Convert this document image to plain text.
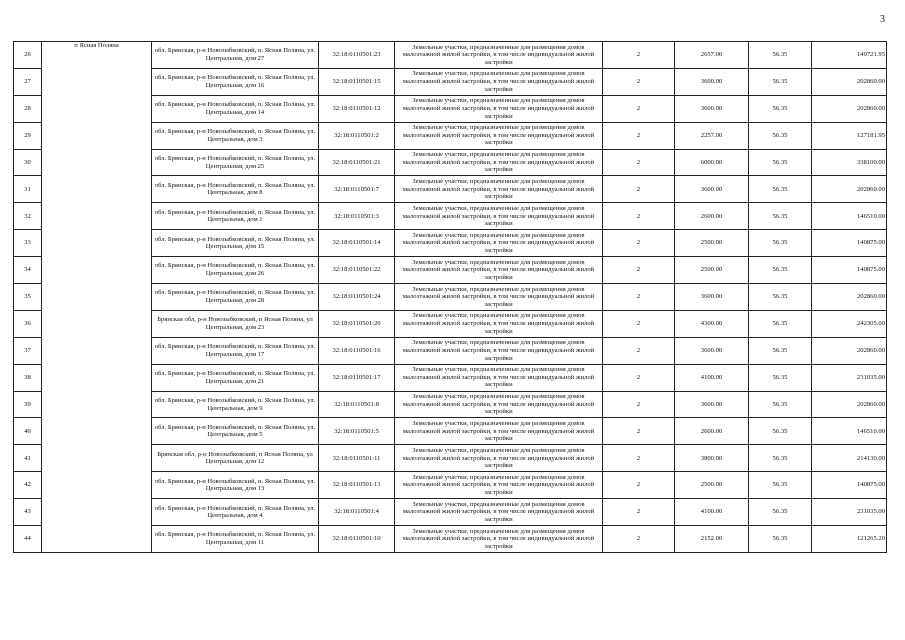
3
26	п Ясная Поляна	обл. Брянская, р-н Новозыбковский, п. Ясная Поляна, ул. Центральная, дом 27	32:18:0110501:23	Земельные участки, предназначенные для размещения домов малоэтажной жилой застройки, в том числе индивидуальной жилой застройки	2	2657.00	56.35	149721.95
27		обл. Брянская, р-н Новозыбковский, п. Ясная Поляна, ул. Центральная, дом 16	32:18:0110501:15	Земельные участки, предназначенные для размещения домов малоэтажной жилой застройки, в том числе индивидуальной жилой застройки	2	3600.00	56.35	202860.00
28		обл. Брянская, р-н Новозыбковский, п. Ясная Поляна, ул. Центральная, дом 14	32:18:0110501:12	Земельные участки, предназначенные для размещения домов малоэтажной жилой застройки, в том числе индивидуальной жилой застройки	2	3600.00	56.35	202860.00
29		обл. Брянская, р-н Новозыбковский, п. Ясная Поляна, ул. Центральная, дом 3	32:18:0110501:2	Земельные участки, предназначенные для размещения домов малоэтажной жилой застройки, в том числе индивидуальной жилой застройки	2	2257.00	56.35	127181.95
30		обл. Брянская, р-н Новозыбковский, п. Ясная Поляна, ул. Центральная, дом 25	32:18:0110501:21	Земельные участки, предназначенные для размещения домов малоэтажной жилой застройки, в том числе индивидуальной жилой застройки	2	6000.00	56.35	338100.00
31		обл. Брянская, р-н Новозыбковский, п. Ясная Поляна, ул. Центральная, дом 8	32:18:0110501:7	Земельные участки, предназначенные для размещения домов малоэтажной жилой застройки, в том числе индивидуальной жилой застройки	2	3600.00	56.35	202860.00
32		обл. Брянская, р-н Новозыбковский, п. Ясная Поляна, ул. Центральная, дом 1	32:18:0110501:3	Земельные участки, предназначенные для размещения домов малоэтажной жилой застройки, в том числе индивидуальной жилой застройки	2	2600.00	56.35	146510.00
33		обл. Брянская, р-н Новозыбковский, п. Ясная Поляна, ул. Центральная, дом 15	32:18:0110501:14	Земельные участки, предназначенные для размещения домов малоэтажной жилой застройки, в том числе индивидуальной жилой застройки	2	2500.00	56.35	140875.00
34		обл. Брянская, р-н Новозыбковский, п. Ясная Поляна, ул. Центральная, дом 26	32:18:0110501:22	Земельные участки, предназначенные для размещения домов малоэтажной жилой застройки, в том числе индивидуальной жилой застройки	2	2500.00	56.35	140875.00
35		обл. Брянская, р-н Новозыбковский, п. Ясная Поляна, ул. Центральная, дом 28	32:18:0110501:24	Земельные участки, предназначенные для размещения домов малоэтажной жилой застройки, в том числе индивидуальной жилой застройки	2	3600.00	56.35	202860.00
36		Брянская обл, р-н Новозыбковский, п Ясная Поляна, ул Центральная, дом 23	32:18:0110501:20	Земельные участки, предназначенные для размещения домов малоэтажной жилой застройки, в том числе индивидуальной жилой застройки	2	4300.00	56.35	242305.00
37		обл. Брянская, р-н Новозыбковский, п. Ясная Поляна, ул. Центральная, дом 17	32:18:0110501:16	Земельные участки, предназначенные для размещения домов малоэтажной жилой застройки, в том числе индивидуальной жилой застройки	2	3600.00	56.35	202860.00
38		обл. Брянская, р-н Новозыбковский, п. Ясная Поляна, ул. Центральная, дом 21	32:18:0110501:17	Земельные участки, предназначенные для размещения домов малоэтажной жилой застройки, в том числе индивидуальной жилой застройки	2	4100.00	56.35	231035.00
39		обл. Брянская, р-н Новозыбковский, п. Ясная Поляна, ул. Центральная, дом 9	32:18:0110501:8	Земельные участки, предназначенные для размещения домов малоэтажной жилой застройки, в том числе индивидуальной жилой застройки	2	3600.00	56.35	202860.00
40		обл. Брянская, р-н Новозыбковский, п. Ясная Поляна, ул. Центральная, дом 5	32:18:0110501:5	Земельные участки, предназначенные для размещения домов малоэтажной жилой застройки, в том числе индивидуальной жилой застройки	2	2600.00	56.35	146510.00
41		Брянская обл, р-н Новозыбковский, п Ясная Поляна, ул Центральная, дом 12	32:18:0110501:11	Земельные участки, предназначенные для размещения домов малоэтажной жилой застройки, в том числе индивидуальной жилой застройки	2	3800.00	56.35	214130.00
42		обл. Брянская, р-н Новозыбковский, п. Ясная Поляна, ул. Центральная, дом 13	32:18:0110501:13	Земельные участки, предназначенные для размещения домов малоэтажной жилой застройки, в том числе индивидуальной жилой застройки	2	2500.00	56.35	140875.00
43		обл. Брянская, р-н Новозыбковский, п. Ясная Поляна, ул. Центральная, дом 4	32:18:0110501:4	Земельные участки, предназначенные для размещения домов малоэтажной жилой застройки, в том числе индивидуальной жилой застройки	2	4100.00	56.35	231035.00
44		обл. Брянская, р-н Новозыбковский, п. Ясная Поляна, ул. Центральная, дом 11	32:18:0110501:10	Земельные участки, предназначенные для размещения домов малоэтажной жилой застройки, в том числе индивидуальной жилой застройки	2	2152.00	56.35	121265.20
